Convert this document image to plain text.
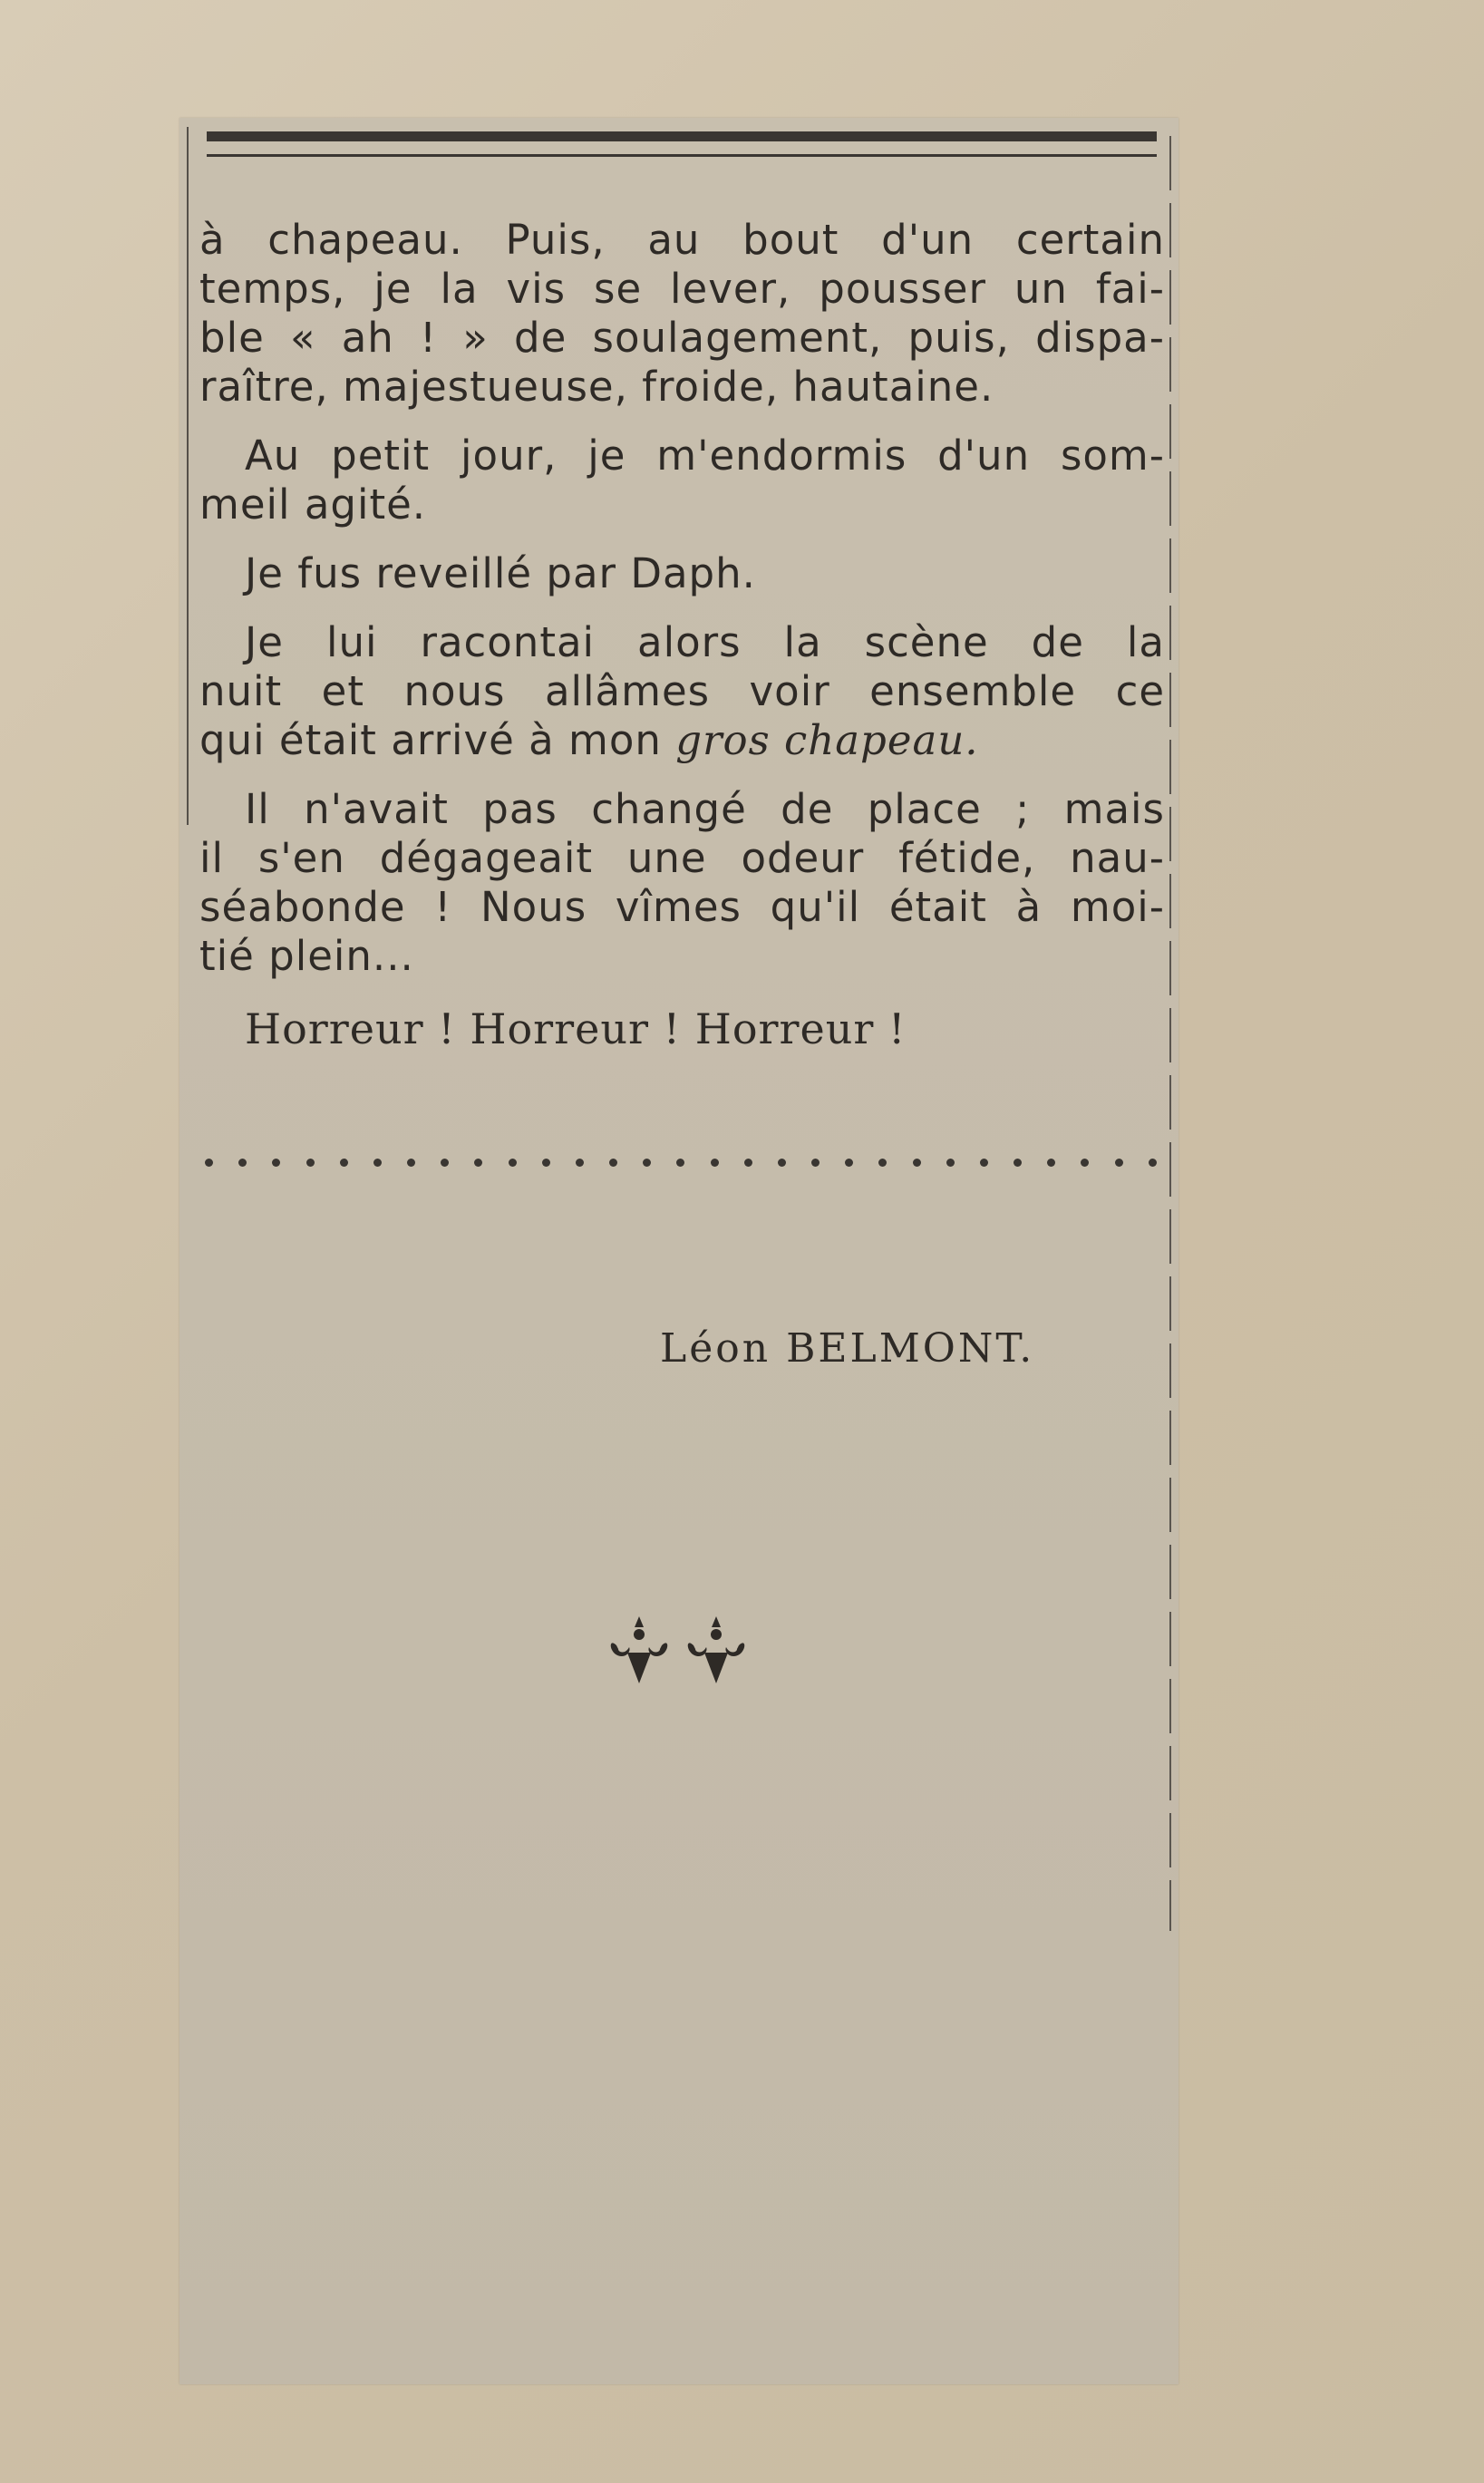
à chapeau. Puis, au bout d'un certain
temps, je la vis se lever, pousser un fai-
ble « ah ! » de soulagement, puis, dispa-
raître, majestueuse, froide, hautaine.

Au petit jour, je m'endormis d'un som-
meil agité.

Je fus reveillé par Daph.

Je lui racontai alors la scène de la
nuit et nous allâmes voir ensemble ce
qui était arrivé à mon gros chapeau.

Il n'avait pas changé de place ; mais
il s'en dégageait une odeur fétide, nau-
séabonde ! Nous vîmes qu'il était à moi-
tié plein...

Horreur ! Horreur ! Horreur !
Léon BELMONT.
